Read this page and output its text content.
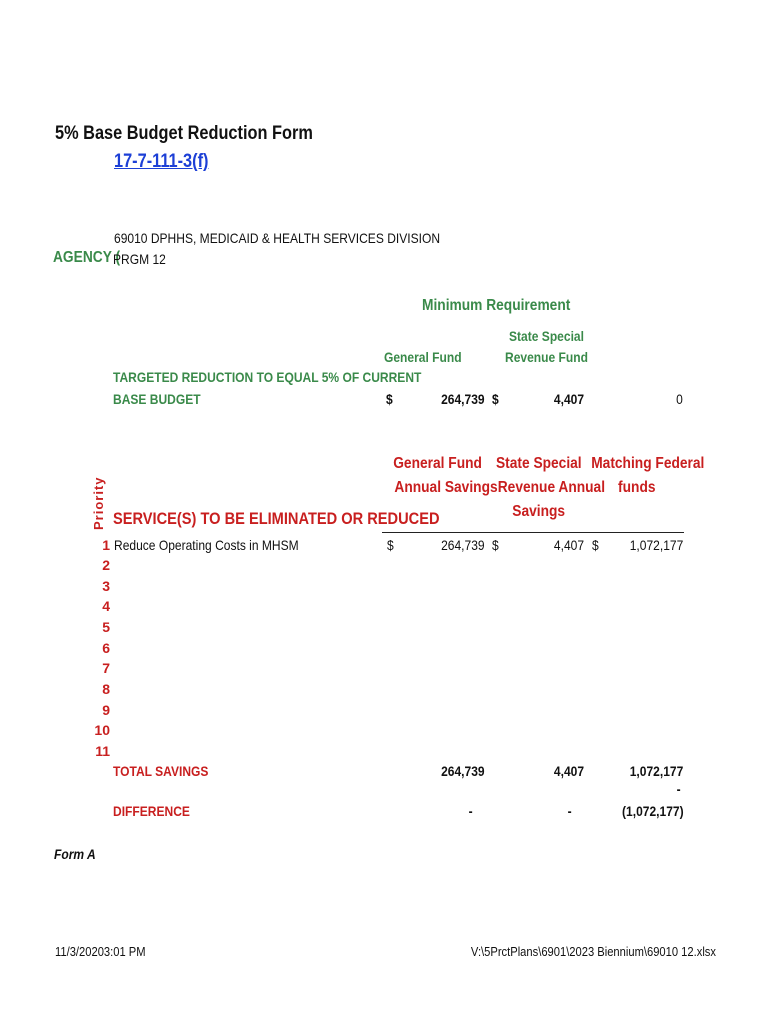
5% Base Budget Reduction Form
17-7-111-3(f)
69010 DPHHS, MEDICAID & HEALTH SERVICES DIVISION
AGENCY (
PRGM 12
Minimum Requirement
State Special
General Fund	Revenue Fund
TARGETED REDUCTION TO EQUAL 5% OF CURRENT
BASE BUDGET	$	264,739 $	4,407	0
Priority
General Fund
Annual Savings
State Special
Revenue Annual
Savings
Matching Federal
funds
SERVICE(S) TO BE ELIMINATED OR REDUCED
1 Reduce Operating Costs in MHSM	$	264,739 $	4,407 $	1,072,177
2
3
4
5
6
7
8
9
10
11
TOTAL SAVINGS	264,739	4,407	1,072,177
-
DIFFERENCE	-	-	(1,072,177)
Form A
11/3/20203:01 PM	V:\5PrctPlans\6901\2023 Biennium\69010 12.xlsx
